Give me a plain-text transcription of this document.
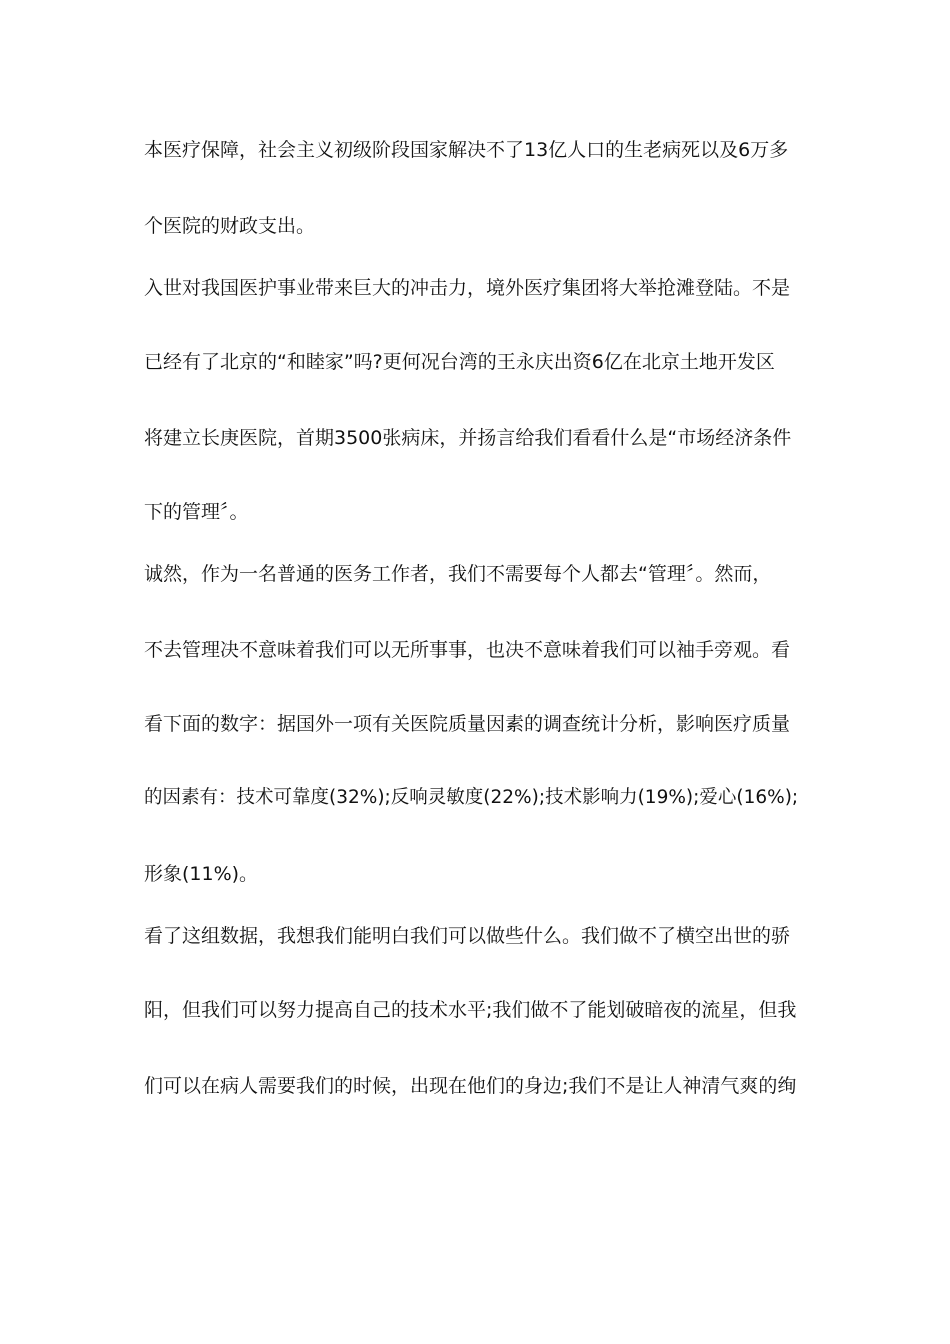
本医疗保障，社会主义初级阶段国家解决不了13亿人口的生老病死以及6万多
个医院的财政支出。
入世对我国医护事业带来巨大的冲击力，境外医疗集团将大举抢滩登陆。不是
已经有了北京的“和睦家”吗?更何况台湾的王永庆出资6亿在北京土地开发区
将建立长庚医院，首期3500张病床，并扬言给我们看看什么是“市场经济条件
下的管理〞。
诚然，作为一名普通的医务工作者，我们不需要每个人都去“管理〞。然而，
不去管理决不意味着我们可以无所事事，也决不意味着我们可以袖手旁观。看
看下面的数字：据国外一项有关医院质量因素的调查统计分析，影响医疗质量
的因素有：技术可靠度(32%);反响灵敏度(22%);技术影响力(19%);爱心(16%);
形象(11%)。
看了这组数据，我想我们能明白我们可以做些什么。我们做不了横空出世的骄
阳，但我们可以努力提高自己的技术水平;我们做不了能划破暗夜的流星，但我
们可以在病人需要我们的时候，出现在他们的身边;我们不是让人神清气爽的绚
